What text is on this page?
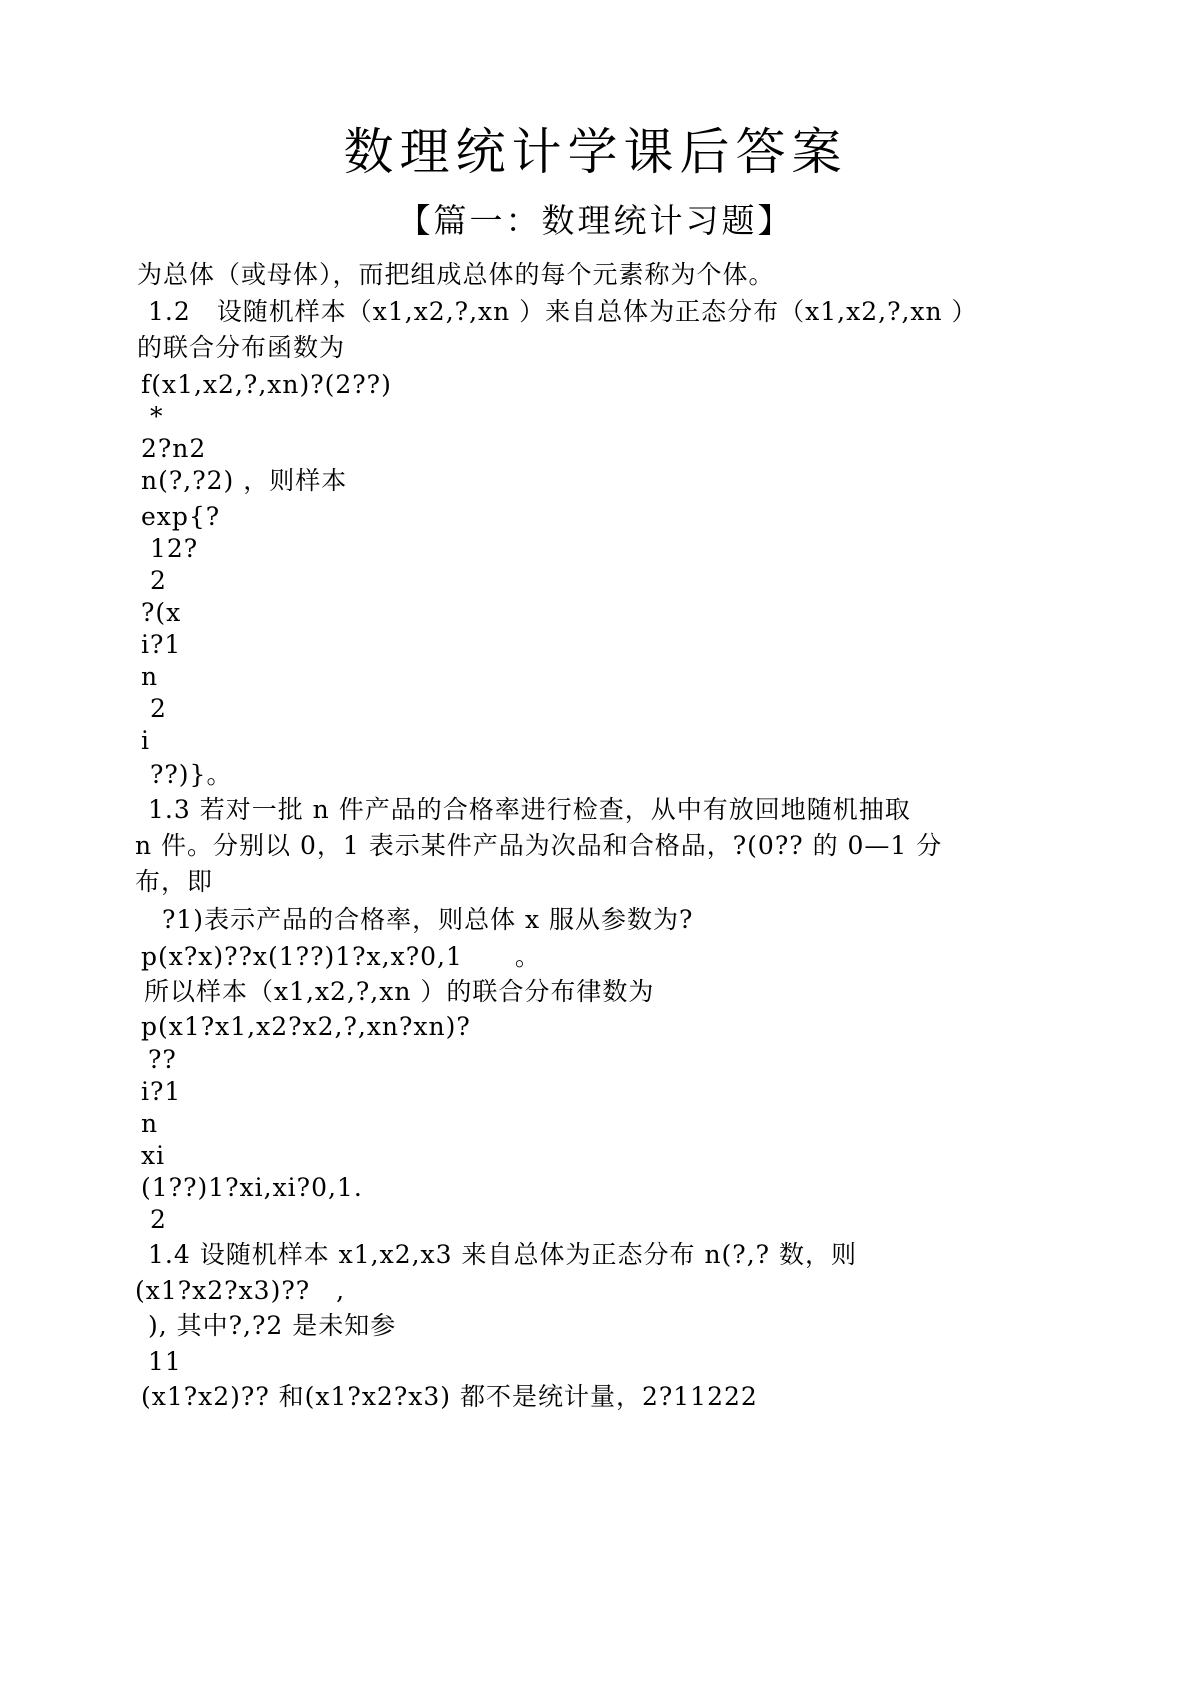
数理统计学课后答案
【篇一：数理统计习题】
为总体（或母体），而把组成总体的每个元素称为个体。
1.2　设随机样本（x1,x2,?,xn ）来自总体为正态分布（x1,x2,?,xn ）
的联合分布函数为
f(x1,x2,?,xn)?(2??)
*
2?n2
n(?,?2) ，则样本
exp{?
12?
2
?(x
i?1
n
2
i
??)}。
1.3 若对一批 n 件产品的合格率进行检查，从中有放回地随机抽取
n 件。分别以 0，1 表示某件产品为次品和合格品，?(0?? 的 0—1 分
布，即
?1)表示产品的合格率，则总体 x 服从参数为?
p(x?x)??x(1??)1?x,x?0,1　　。
所以样本（x1,x2,?,xn ）的联合分布律数为
p(x1?x1,x2?x2,?,xn?xn)?
??
i?1
n
xi
(1??)1?xi,xi?0,1.
2
1.4 设随机样本 x1,x2,x3 来自总体为正态分布 n(?,? 数，则
(x1?x2?x3)??　,
), 其中?,?2 是未知参
11
(x1?x2)?? 和(x1?x2?x3) 都不是统计量，2?11222
